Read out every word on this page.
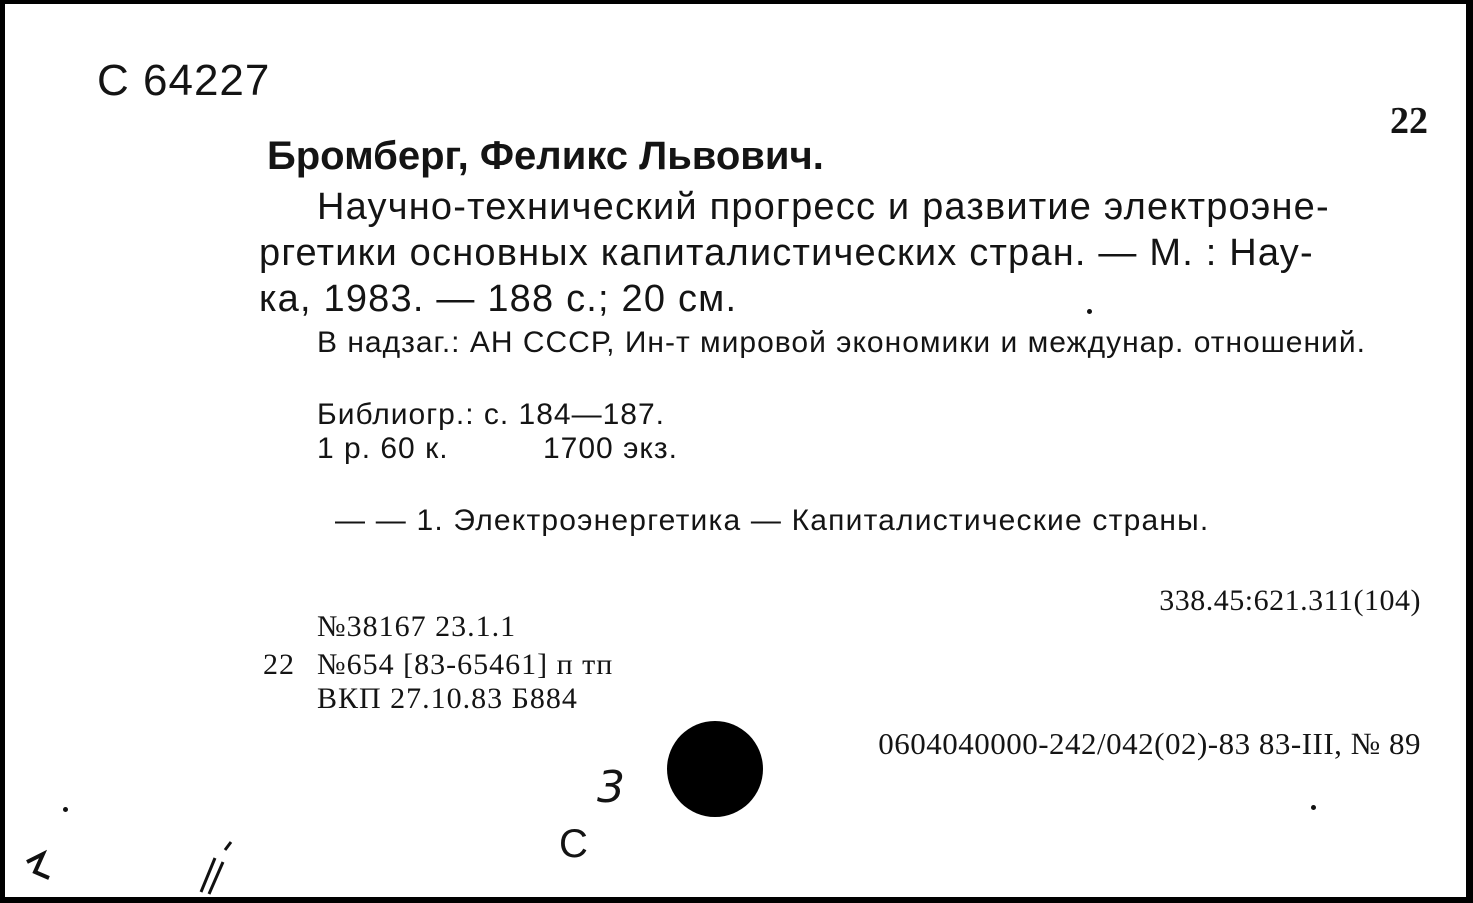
С 64227
22
Бромберг, Феликс Львович.

Научно-технический прогресс и развитие электроэне-

ргетики основных капиталистических стран. — М. : Нау-

ка, 1983. — 188 с.; 20 см.

В надзаг.: АН СССР, Ин-т мировой экономики и междунар. отношений.

Библиогр.: с. 184—187.
1 р. 60 к.	1700 экз.
— — 1. Электроэнергетика — Капиталистические страны.
338.45:621.311(104)
№38167 23.1.1
22 №654 [83-65461] п тп
ВКП 27.10.83 Б884
0604040000-242/042(02)-83 83-III, № 89
3
С
